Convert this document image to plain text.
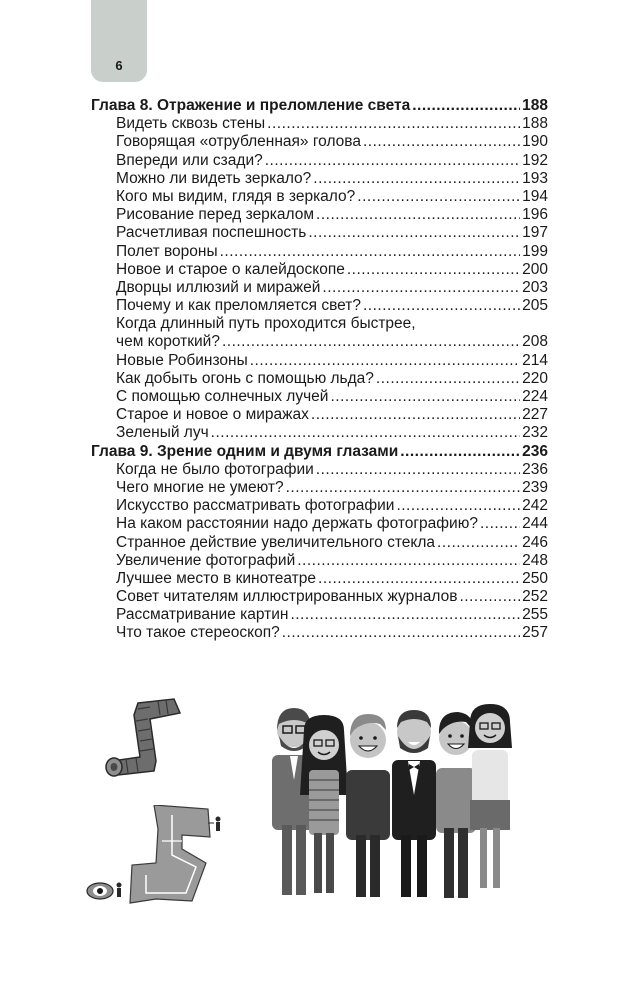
6
Глава 8. Отражение и преломление света .....	188
Видеть сквозь стены .....	188
Говорящая «отрубленная» голова .....	190
Впереди или сзади? .....	192
Можно ли видеть зеркало? .....	193
Кого мы видим, глядя в зеркало? .....	194
Рисование перед зеркалом .....	196
Расчетливая поспешность .....	197
Полет вороны .....	199
Новое и старое о калейдоскопе .....	200
Дворцы иллюзий и миражей .....	203
Почему и как преломляется свет? .....	205
Когда длинный путь проходится быстрее,
чем короткий? .....	208
Новые Робинзоны .....	214
Как добыть огонь с помощью льда? .....	220
С помощью солнечных лучей .....	224
Старое и новое о миражах .....	227
Зеленый луч .....	232
Глава 9. Зрение одним и двумя глазами .....	236
Когда не было фотографии .....	236
Чего многие не умеют? .....	239
Искусство рассматривать фотографии .....	242
На каком расстоянии надо держать фотографию? .....	244
Странное действие увеличительного стекла .....	246
Увеличение фотографий .....	248
Лучшее место в кинотеатре .....	250
Совет читателям иллюстрированных журналов .....	252
Рассматривание картин .....	255
Что такое стереоскоп? .....	257
